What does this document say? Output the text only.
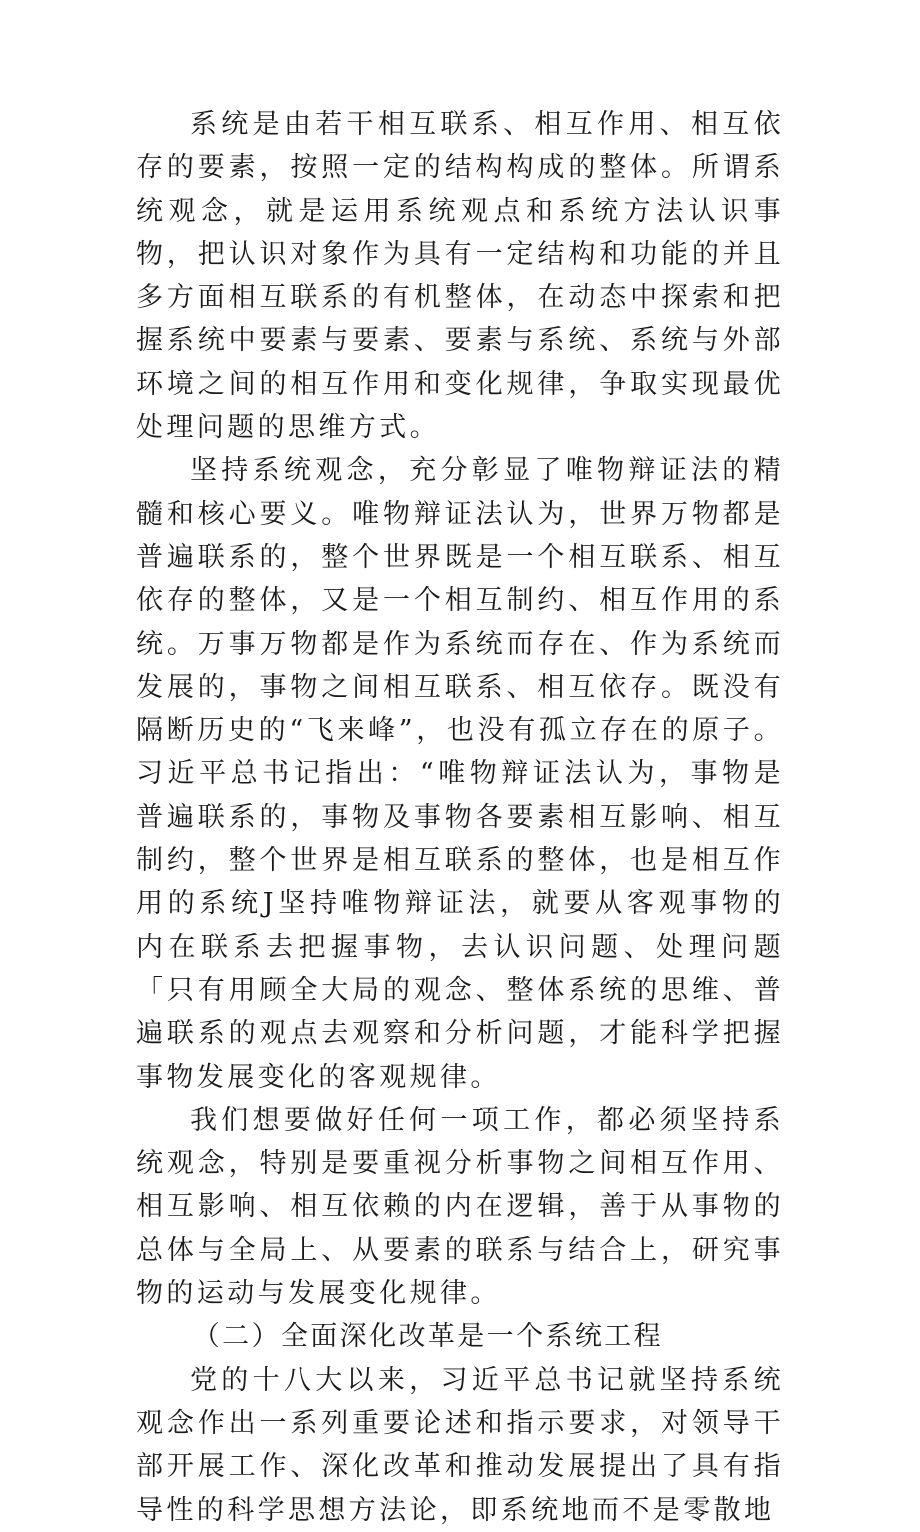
系统是由若干相互联系、相互作用、相互依存的要素，按照一定的结构构成的整体。所谓系统观念，就是运用系统观点和系统方法认识事物，把认识对象作为具有一定结构和功能的并且多方面相互联系的有机整体，在动态中探索和把握系统中要素与要素、要素与系统、系统与外部环境之间的相互作用和变化规律，争取实现最优处理问题的思维方式。

坚持系统观念，充分彰显了唯物辩证法的精髓和核心要义。唯物辩证法认为，世界万物都是普遍联系的，整个世界既是一个相互联系、相互依存的整体，又是一个相互制约、相互作用的系统。万事万物都是作为系统而存在、作为系统而发展的，事物之间相互联系、相互依存。既没有隔断历史的“飞来峰”，也没有孤立存在的原子。习近平总书记指出：“唯物辩证法认为，事物是普遍联系的，事物及事物各要素相互影响、相互制约，整个世界是相互联系的整体，也是相互作用的系统J坚持唯物辩证法，就要从客观事物的内在联系去把握事物，去认识问题、处理问题「只有用顾全大局的观念、整体系统的思维、普遍联系的观点去观察和分析问题，才能科学把握事物发展变化的客观规律。

我们想要做好任何一项工作，都必须坚持系统观念，特别是要重视分析事物之间相互作用、相互影响、相互依赖的内在逻辑，善于从事物的总体与全局上、从要素的联系与结合上，研究事物的运动与发展变化规律。

（二）全面深化改革是一个系统工程

党的十八大以来，习近平总书记就坚持系统观念作出一系列重要论述和指示要求，对领导干部开展工作、深化改革和推动发展提出了具有指导性的科学思想方法论，即系统地而不是零散地
